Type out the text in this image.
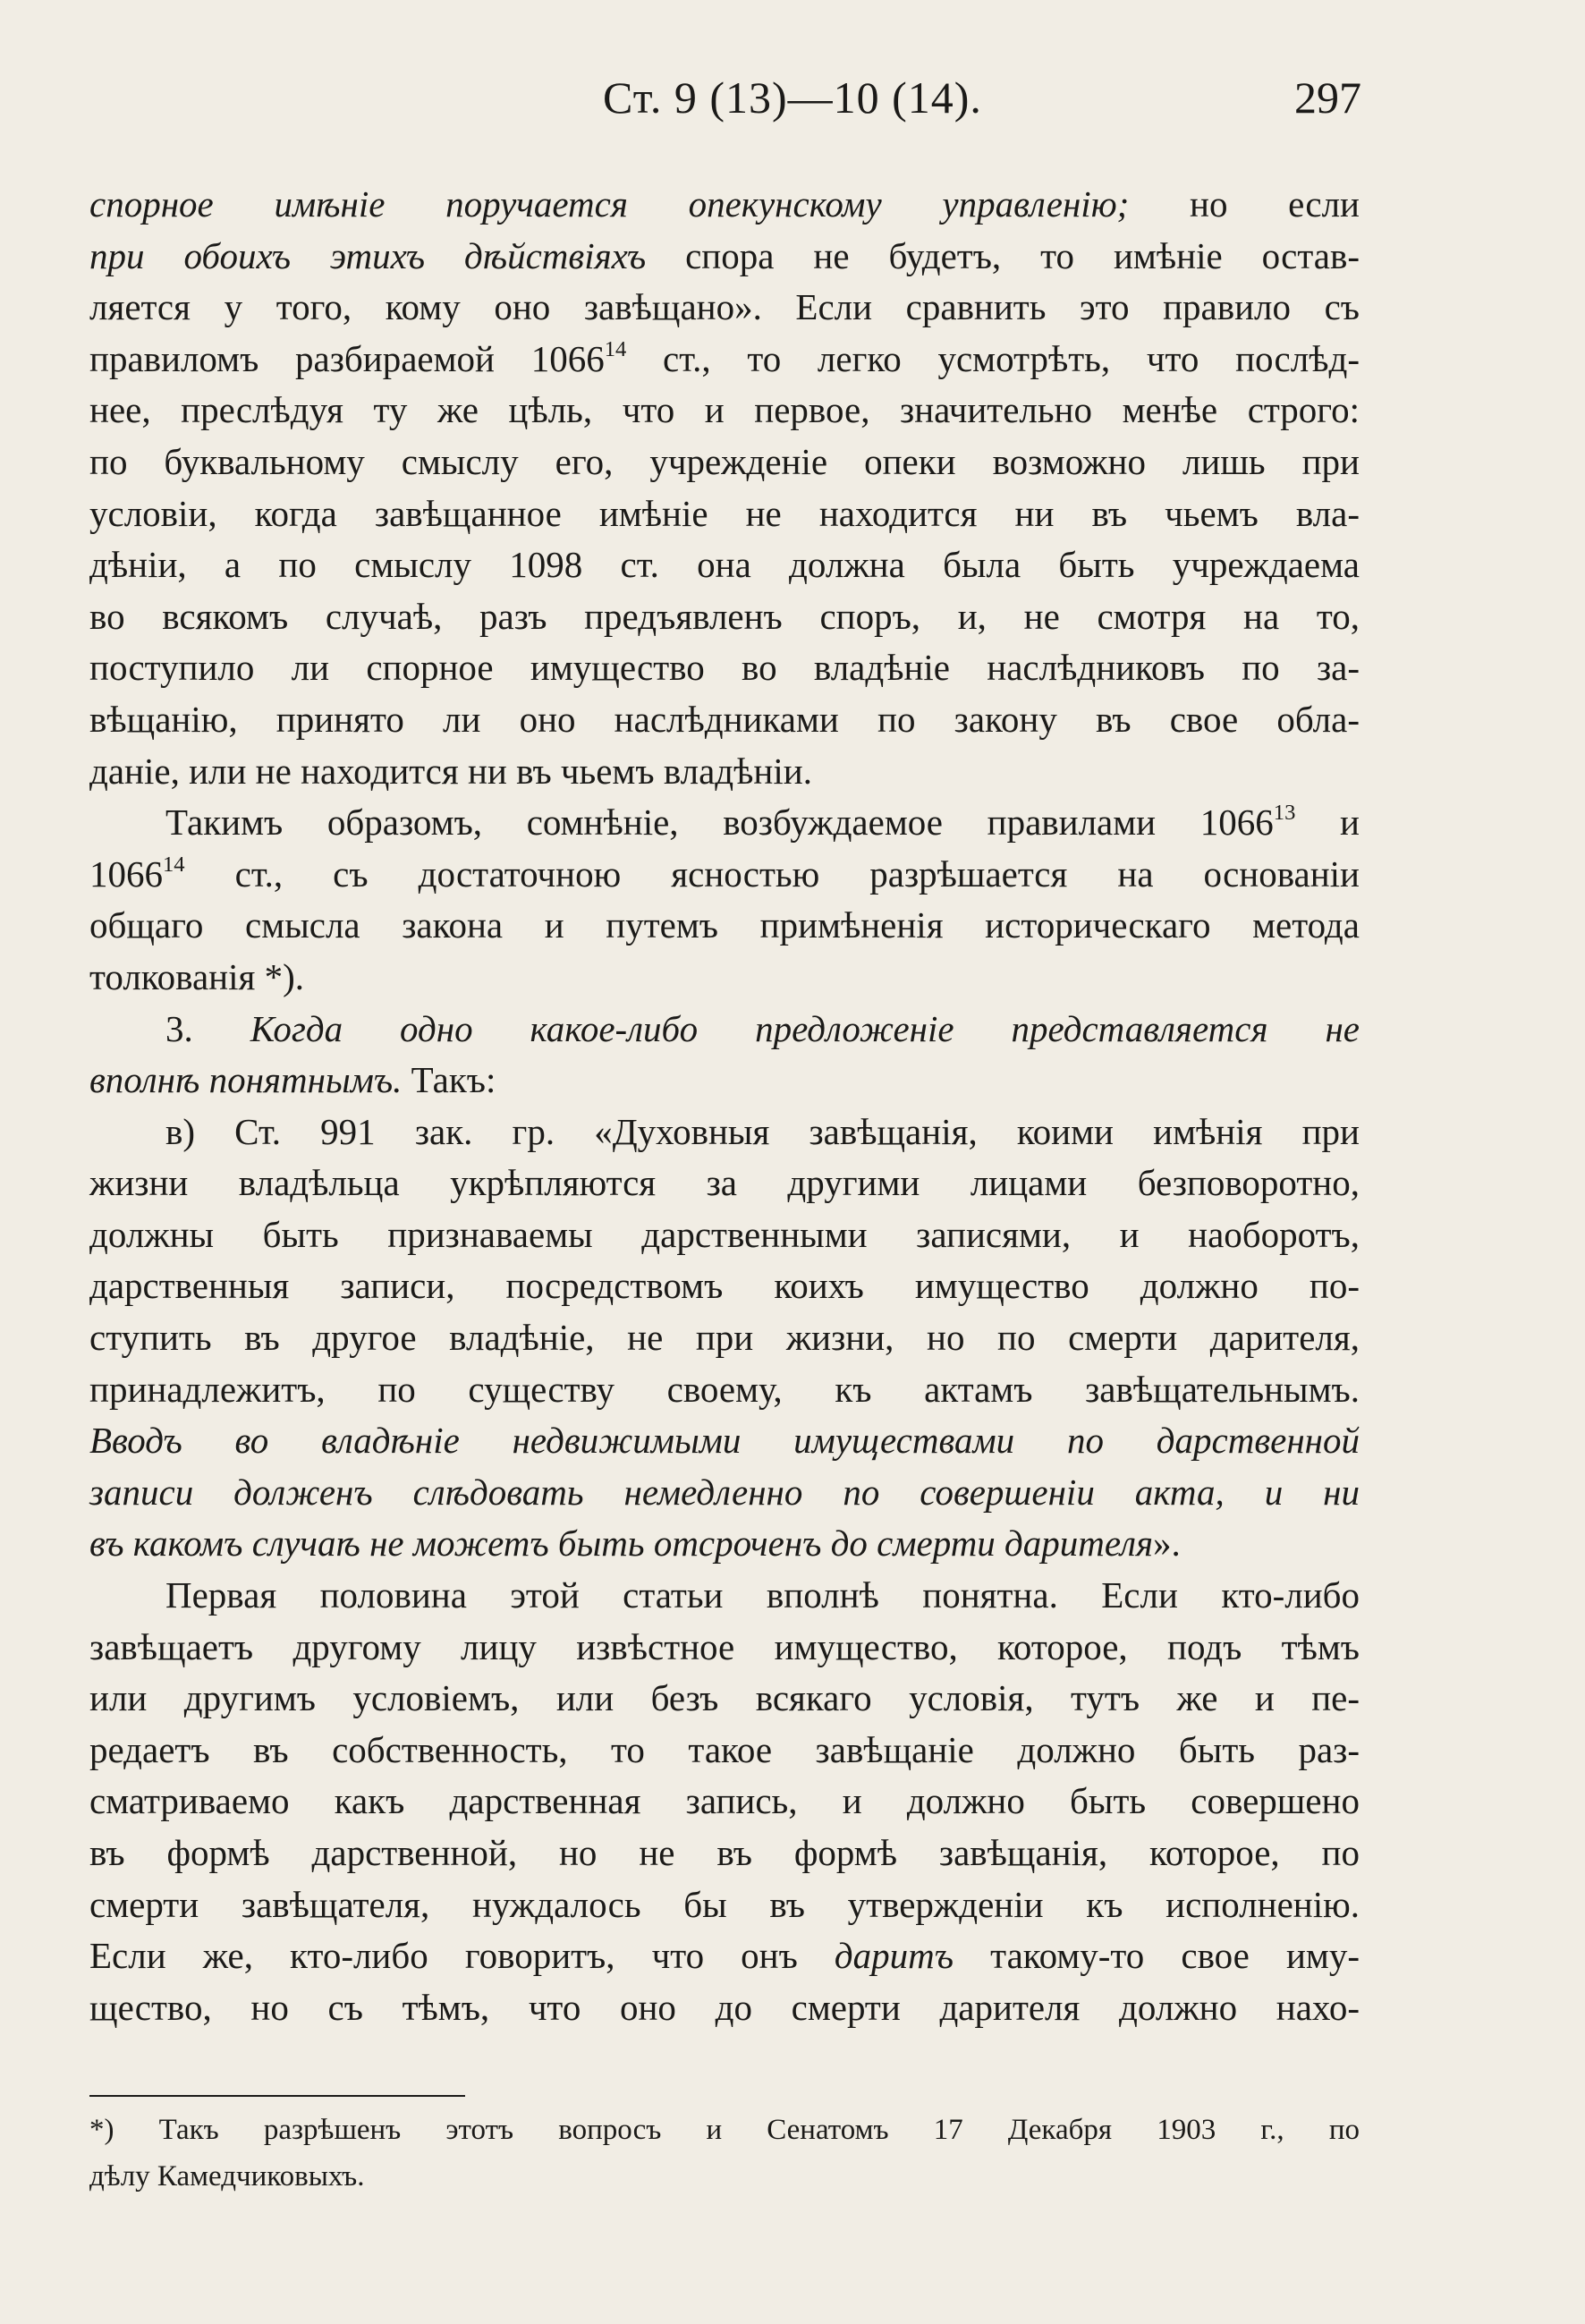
Ст. 9 (13)—10 (14).	297

спорное имѣніе поручается опекунскому управленію; но если
при обоихъ этихъ дѣйствіяхъ спора не будетъ, то имѣніе остав-
ляется у того, кому оно завѣщано». Если сравнить это правило съ
правиломъ разбираемой 1066$^{14}$ ст., то легко усмотрѣть, что послѣд-
нее, преслѣдуя ту же цѣль, что и первое, значительно менѣе строго:
по буквальному смыслу его, учрежденіе опеки возможно лишь при
условіи, когда завѣщанное имѣніе не находится ни въ чьемъ вла-
дѣніи, а по смыслу 1098 ст. она должна была быть учреждаема
во всякомъ случаѣ, разъ предъявленъ споръ, и, не смотря на то,
поступило ли спорное имущество во владѣніе наслѣдниковъ по за-
вѣщанію, принято ли оно наслѣдниками по закону въ свое облa-
даніе, или не находится ни въ чьемъ владѣніи.

Такимъ образомъ, сомнѣніе, возбуждаемое правилами 1066$^{13}$ и
1066$^{14}$ ст., съ достаточною ясностью разрѣшается на основаніи
общаго смысла закона и путемъ примѣненія историческаго метода
толкованія *).

3. Когда одно какое-либо предложеніе представляется не
вполнѣ понятнымъ. Такъ:

в) Ст. 991 зак. гр. «Духовныя завѣщанія, коими имѣнія при
жизни владѣльца укрѣпляются за другими лицами безповоротно,
должны быть признаваемы дарственными записями, и наоборотъ,
дарственныя записи, посредствомъ коихъ имущество должно по-
ступить въ другое владѣніе, не при жизни, но по смерти дарителя,
принадлежитъ, по существу своему, къ актамъ завѣщательнымъ.
Вводъ во владѣніе недвижимыми имуществами по дарственной
записи долженъ слѣдовать немедленно по совершеніи акта, и ни
въ какомъ случаѣ не можетъ быть отсроченъ до смерти дарителя».

Первая половина этой статьи вполнѣ понятна. Если кто-либо
завѣщаетъ другому лицу извѣстное имущество, которое, подъ тѣмъ
или другимъ условіемъ, или безъ всякаго условія, тутъ же и пе-
редаетъ въ собственность, то такое завѣщаніе должно быть раз-
сматриваемо какъ дарственная запись, и должно быть совершено
въ формѣ дарственной, но не въ формѣ завѣщанія, которое, по
смерти завѣщателя, нуждалось бы въ утвержденіи къ исполненію.
Если же, кто-либо говоритъ, что онъ даритъ такому-то свое иму-
щество, но съ тѣмъ, что оно до смерти дарителя должно нахо-

*) Такъ разрѣшенъ этотъ вопросъ и Сенатомъ 17 Декабря 1903 г., по
дѣлу Камедчиковыхъ.
